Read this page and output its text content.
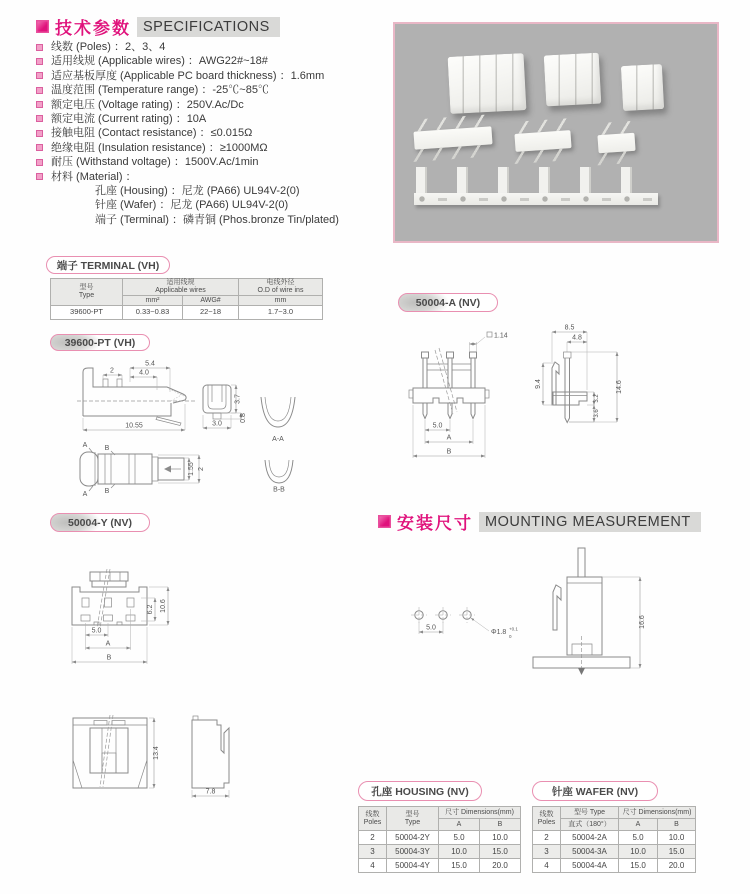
技术参数 SPECIFICATIONS
线数 (Poles) ：2、3、4
适用线规 (Applicable wires) ：AWG22#~18#
适应基板厚度 (Applicable PC board thickness) ：1.6mm
温度范围 (Temperature range) ：-25℃~85℃
额定电压 (Voltage rating) ：250V.Ac/Dc
额定电流 (Current rating) ：10A
接触电阻 (Contact resistance) ：≤0.015Ω
绝缘电阻 (Insulation resistance) ：≥1000MΩ
耐压 (Withstand voltage) ：1500V.Ac/1min
材料 (Material) ：
孔座 (Housing) ：尼龙 (PA66) UL94V-2(0)
针座 (Wafer) ：尼龙 (PA66) UL94V-2(0)
端子 (Terminal) ：磷青铜 (Phos.bronze Tin/plated)
端子 TERMINAL (VH)
型号
Type

适用线规
Applicable wires

电线外径
O.D of wire ins

	mm²	AWG#	mm
39600-PT	0.33~0.83	22~18	1.7~3.0
39600-PT (VH)
5.4
4.0
2
10.55
3.7
3.0
0.8
A-A
B-B
1.55 2
A
A
B
B
50004-A (NV)
1.14
5.0
A
B
8.5
4.8
9.4	14.6
3.2
3.6
安装尺寸 MOUNTING MEASUREMENT
5.0
Φ1.8 +0.1
0
16.6
50004-Y (NV)
6.2 10.6
5.0
A
B
13.4
7.8	孔座 HOUSING (NV)
线数
Poles

型号
Type
	尺寸 Dimensions(mm)
		A	B
2	50004-2Y	5.0	10.0
3	50004-3Y	10.0	15.0
4	50004-4Y	15.0	20.0
针座 WAFER (NV)
线数
Poles	型号 Type	尺寸 Dimensions(mm)	
	直式（180°）	A	B
2	50004-2A	5.0	10.0
3	50004-3A	10.0	15.0
4	50004-4A	15.0	20.0
